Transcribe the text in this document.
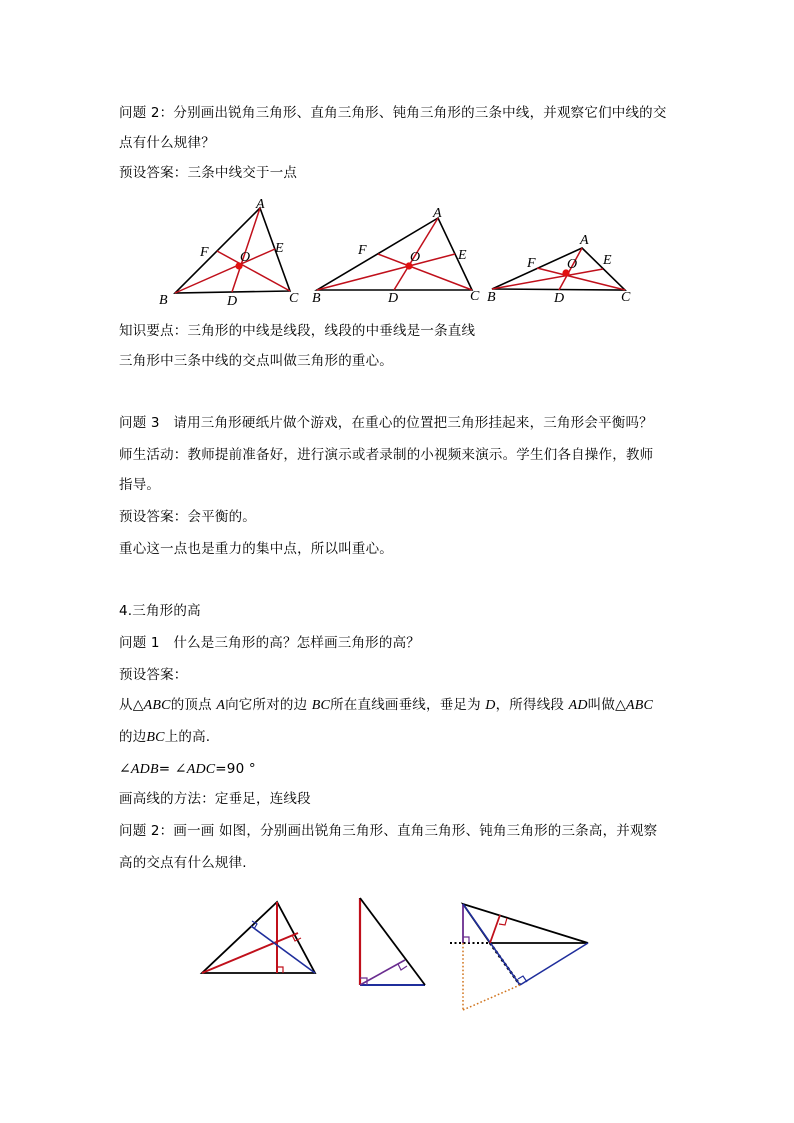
问题 2：分别画出锐角三角形、直角三角形、钝角三角形的三条中线，并观察它们中线的交
点有什么规律？
预设答案：三条中线交于一点
A
B	C
D
E
F O
A
B	C
D
E
F	O
A
B	C
D
E
F O
知识要点：三角形的中线是线段，线段的中垂线是一条直线
三角形中三条中线的交点叫做三角形的重心。
问题 3　请用三角形硬纸片做个游戏，在重心的位置把三角形挂起来，三角形会平衡吗？
师生活动：教师提前准备好，进行演示或者录制的小视频来演示。学生们各自操作，教师
指导。
预设答案：会平衡的。
重心这一点也是重力的集中点，所以叫重心。
4.三角形的高
问题 1　什么是三角形的高？怎样画三角形的高？
预设答案：
从△ABC的顶点 A向它所对的边 BC所在直线画垂线，垂足为 D，所得线段 AD叫做△ABC
的边BC上的高.
∠ADB= ∠ADC=90 °
画高线的方法：定垂足，连线段
问题 2：画一画 如图，分别画出锐角三角形、直角三角形、钝角三角形的三条高，并观察
高的交点有什么规律.
